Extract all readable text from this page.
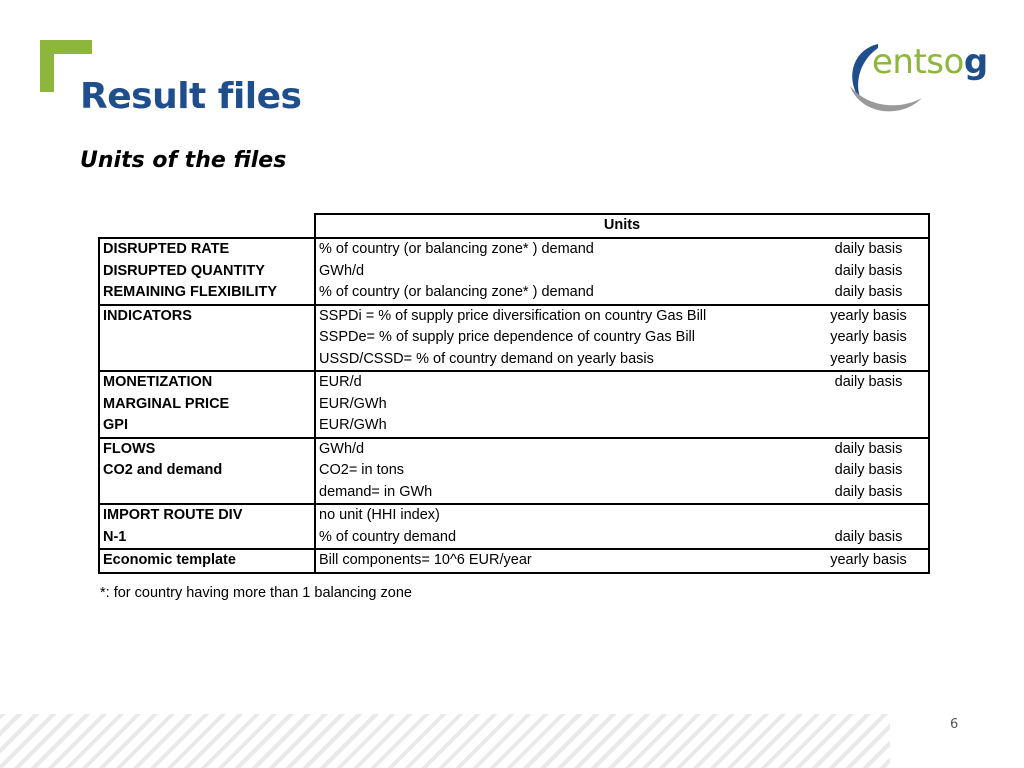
Result files
Units of the files
entsog
	Units	
DISRUPTED RATE	% of country (or balancing zone* ) demand	daily basis
DISRUPTED QUANTITY	GWh/d	daily basis
REMAINING FLEXIBILITY	% of country (or balancing zone* ) demand	daily basis
INDICATORS	SSPDi = % of supply price diversification on country Gas Bill	yearly basis
	SSPDe= % of supply price dependence of country Gas Bill	yearly basis
	USSD/CSSD= % of country demand on yearly basis	yearly basis
MONETIZATION	EUR/d	daily basis
MARGINAL PRICE	EUR/GWh	
GPI	EUR/GWh	
FLOWS	GWh/d	daily basis
CO2 and demand	CO2= in tons	daily basis
	demand= in GWh	daily basis
IMPORT ROUTE DIV	no unit (HHI index)	
N-1	% of country demand	daily basis
Economic template	Bill components= 10^6 EUR/year	yearly basis
*: for country having more than 1 balancing zone
6
